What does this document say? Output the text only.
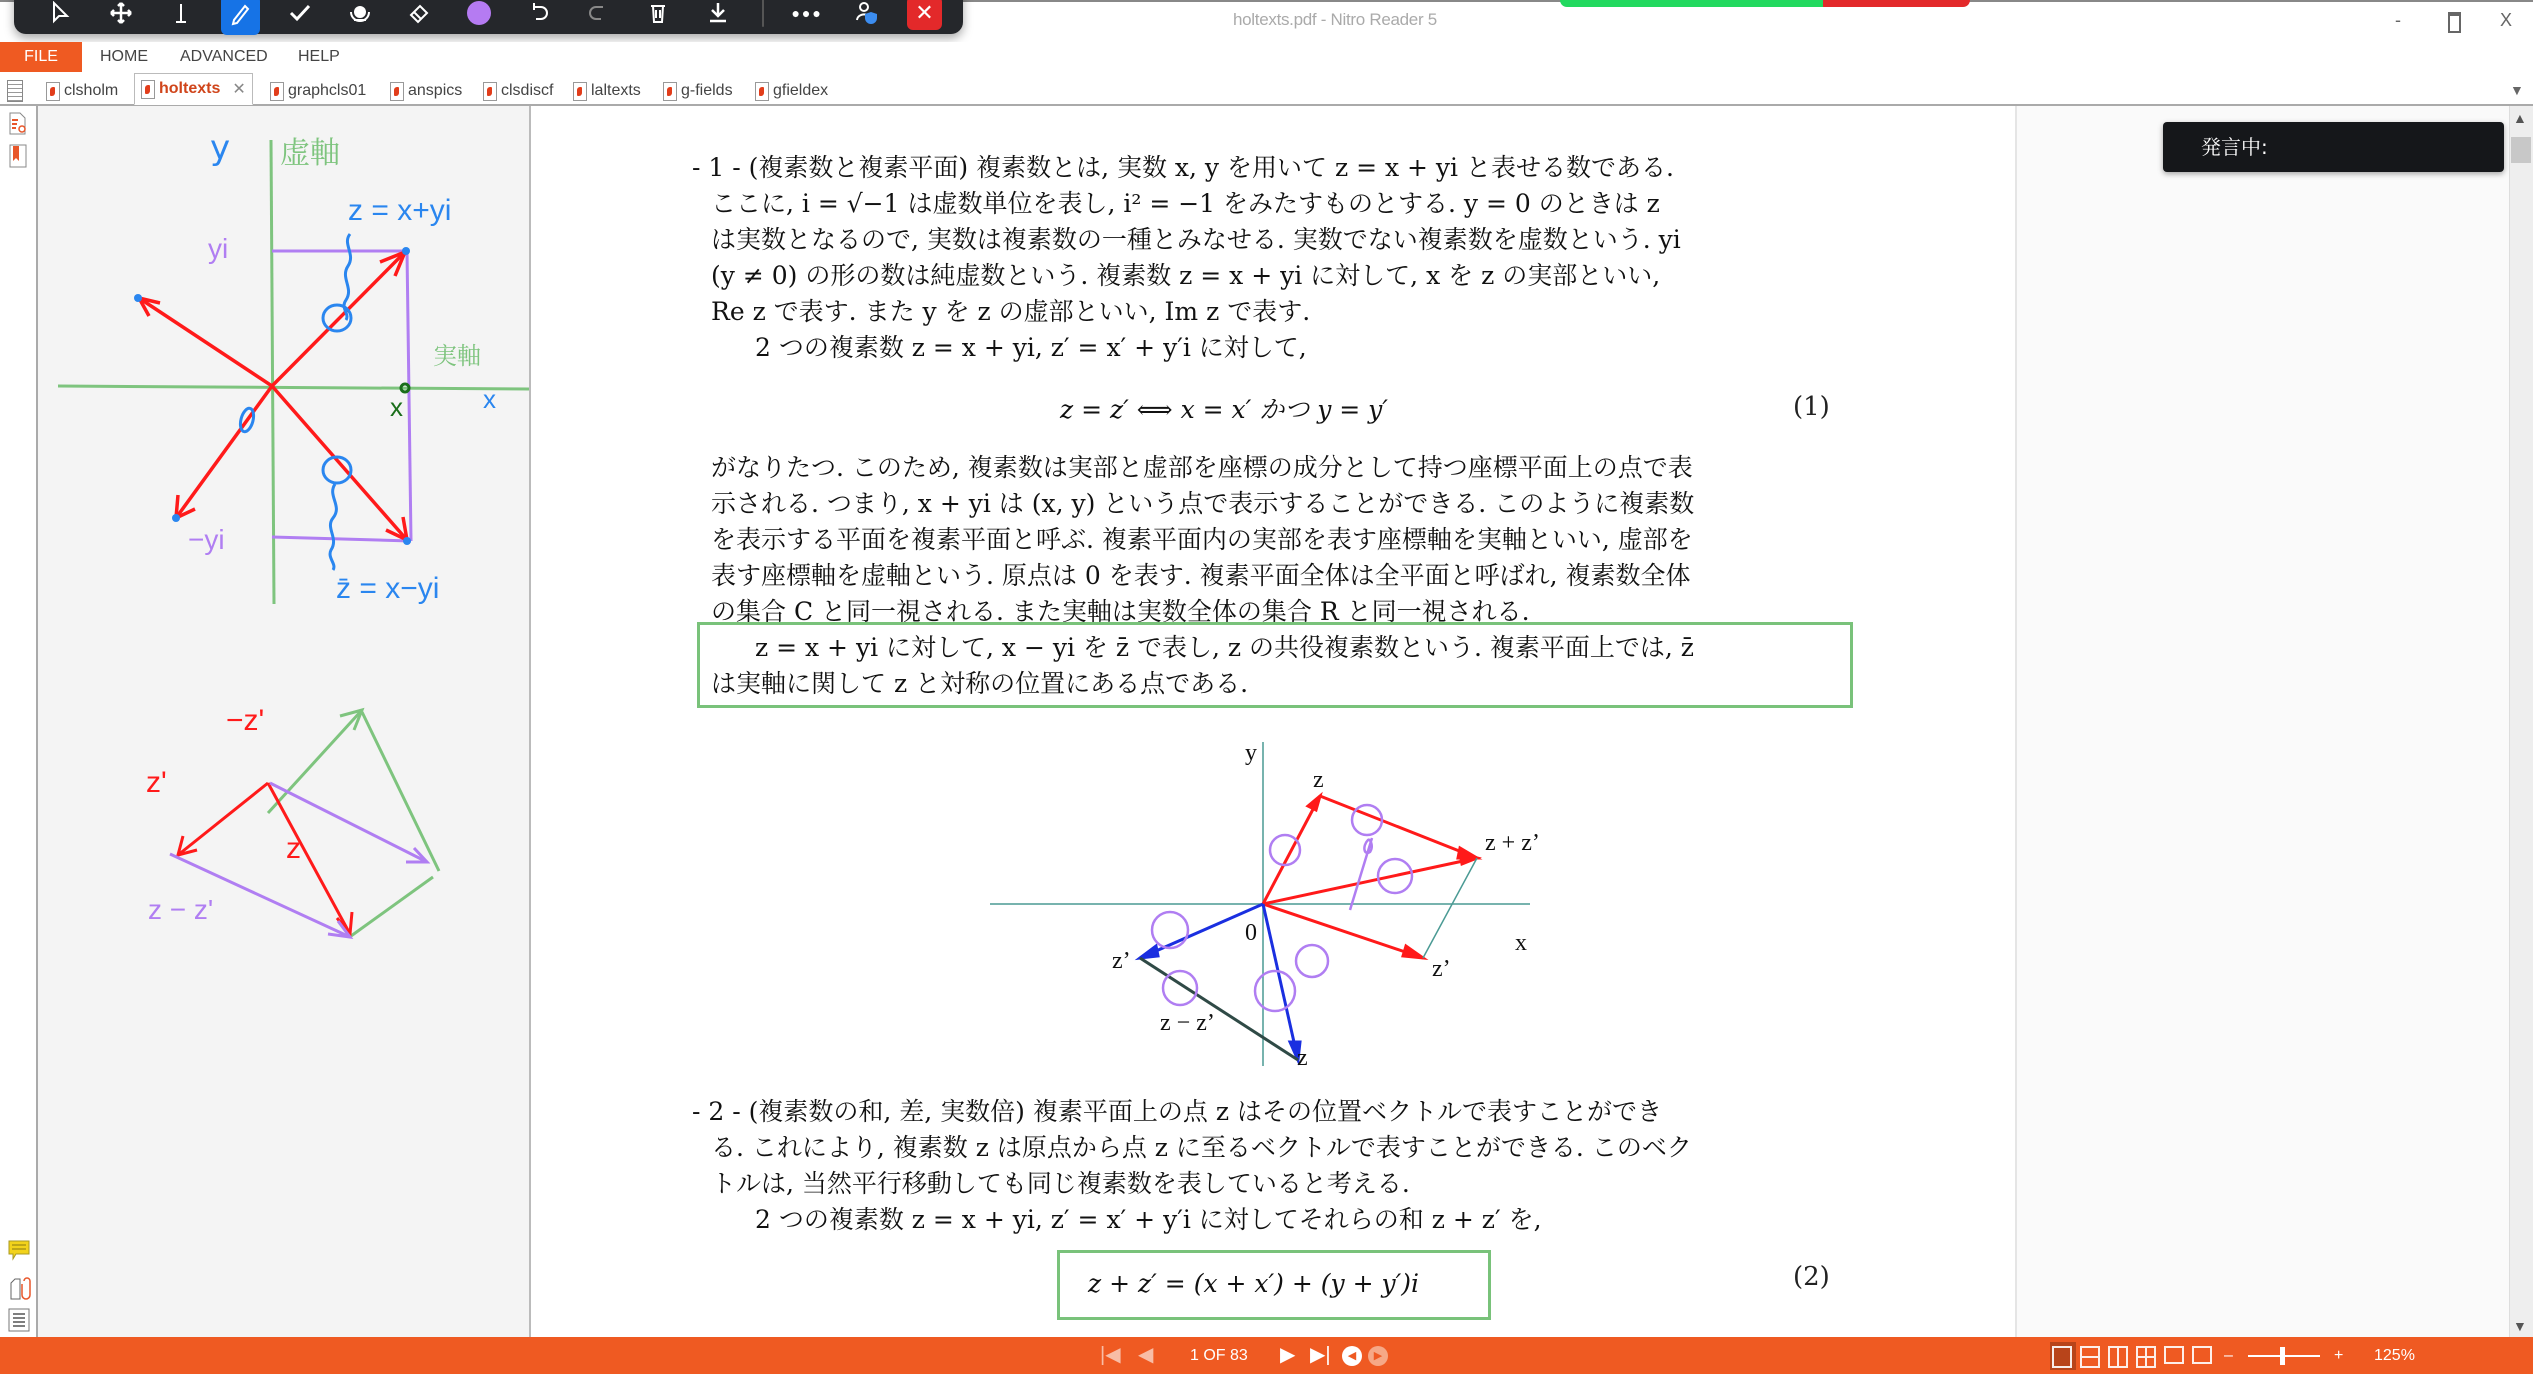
holtexts.pdf - Nitro Reader 5	-	X
●●●	✕
FILE	HOME ADVANCED HELP
clsholm	holtexts ✕	graphcls01	anspics clsdiscf laltexts	g-fields	gfieldex	▼
y 虚軸
実軸
x
x
yi
−yi
z = x+yi
z̄ = x−yi
−z'
z'
z
z − z'
- 1 - (複素数と複素平面) 複素数とは, 実数 x, y を用いて z = x + yi と表せる数である.
ここに, i = √−1 は虚数単位を表し, i² = −1 をみたすものとする. y = 0 のときは z
は実数となるので, 実数は複素数の一種とみなせる. 実数でない複素数を虚数という. yi
(y ≠ 0) の形の数は純虚数という. 複素数 z = x + yi に対して, x を z の実部といい,
Re z で表す. また y を z の虚部といい, Im z で表す.
2 つの複素数 z = x + yi, z′ = x′ + y′i に対して,
z = z′ ⟺ x = x′ かつ y = y′	(1)
がなりたつ. このため, 複素数は実部と虚部を座標の成分として持つ座標平面上の点で表
示される. つまり, x + yi は (x, y) という点で表示することができる. このように複素数
を表示する平面を複素平面と呼ぶ. 複素平面内の実部を表す座標軸を実軸といい, 虚部を
表す座標軸を虚軸という. 原点は 0 を表す. 複素平面全体は全平面と呼ばれ, 複素数全体
の集合 C と同一視される. また実軸は実数全体の集合 R と同一視される.
z = x + yi に対して, x − yi を z̄ で表し, z の共役複素数という. 複素平面上では, z̄
は実軸に関して z と対称の位置にある点である.
y
x
0
z
z + z’
z’
z’
z − z’
z
- 2 - (複素数の和, 差, 実数倍) 複素平面上の点 z はその位置ベクトルで表すことができ
る. これにより, 複素数 z は原点から点 z に至るベクトルで表すことができる. このベク
トルは, 当然平行移動しても同じ複素数を表していると考える.
2 つの複素数 z = x + yi, z′ = x′ + y′i に対してそれらの和 z + z′ を,
z + z′ = (x + x′) + (y + y′)i	(2)
発言中:
▲
▼
|◀ ◀ 1 OF 83 ▶ ▶|	◀	▶	–	+ 125%
